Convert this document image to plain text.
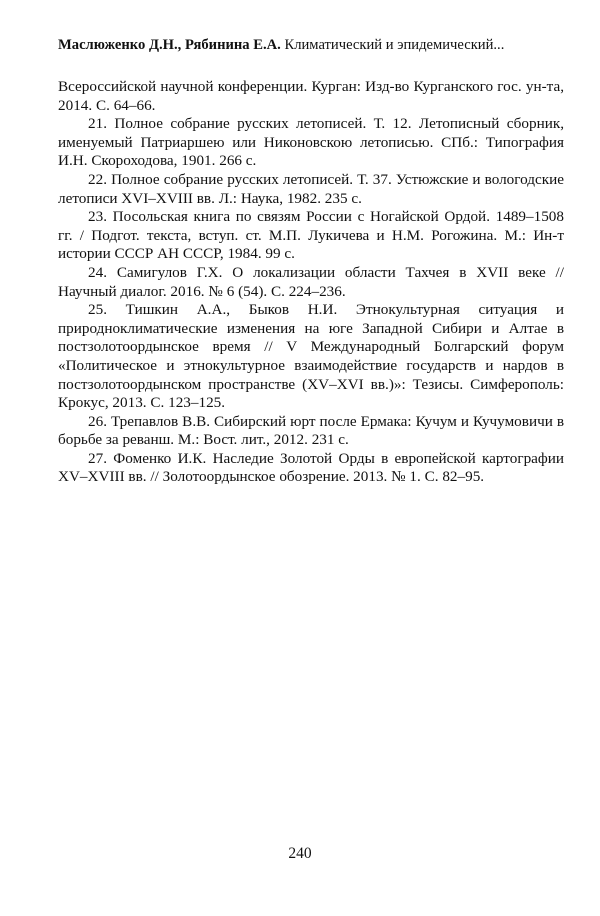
Маслюженко Д.Н., Рябинина Е.А. Климатический и эпидемический...

Всероссийской научной конференции. Курган: Изд-во Курганского гос. ун-та, 2014. С. 64–66.

21. Полное собрание русских летописей. Т. 12. Летописный сборник, именуемый Патриаршею или Никоновскою летописью. СПб.: Типография И.Н. Скороходова, 1901. 266 с.

22. Полное собрание русских летописей. Т. 37. Устюжские и вологодские летописи XVI–XVIII вв. Л.: Наука, 1982. 235 с.

23. Посольская книга по связям России с Ногайской Ордой. 1489–1508 гг. / Подгот. текста, вступ. ст. М.П. Лукичева и Н.М. Рогожина. М.: Ин-т истории СССР АН СССР, 1984. 99 с.

24. Самигулов Г.Х. О локализации области Тахчея в XVII веке // Научный диалог. 2016. № 6 (54). С. 224–236.

25. Тишкин А.А., Быков Н.И. Этнокультурная ситуация и природноклиматические изменения на юге Западной Сибири и Алтае в постзолотоордынское время // V Международный Болгарский форум «Политическое и этнокультурное взаимодействие государств и нардов в постзолотоордынском пространстве (XV–XVI вв.)»: Тезисы. Симферополь: Крокус, 2013. С. 123–125.

26. Трепавлов В.В. Сибирский юрт после Ермака: Кучум и Кучумовичи в борьбе за реванш. М.: Вост. лит., 2012. 231 с.

27. Фоменко И.К. Наследие Золотой Орды в европейской картографии XV–XVIII вв. // Золотоордынское обозрение. 2013. № 1. С. 82–95.

240
